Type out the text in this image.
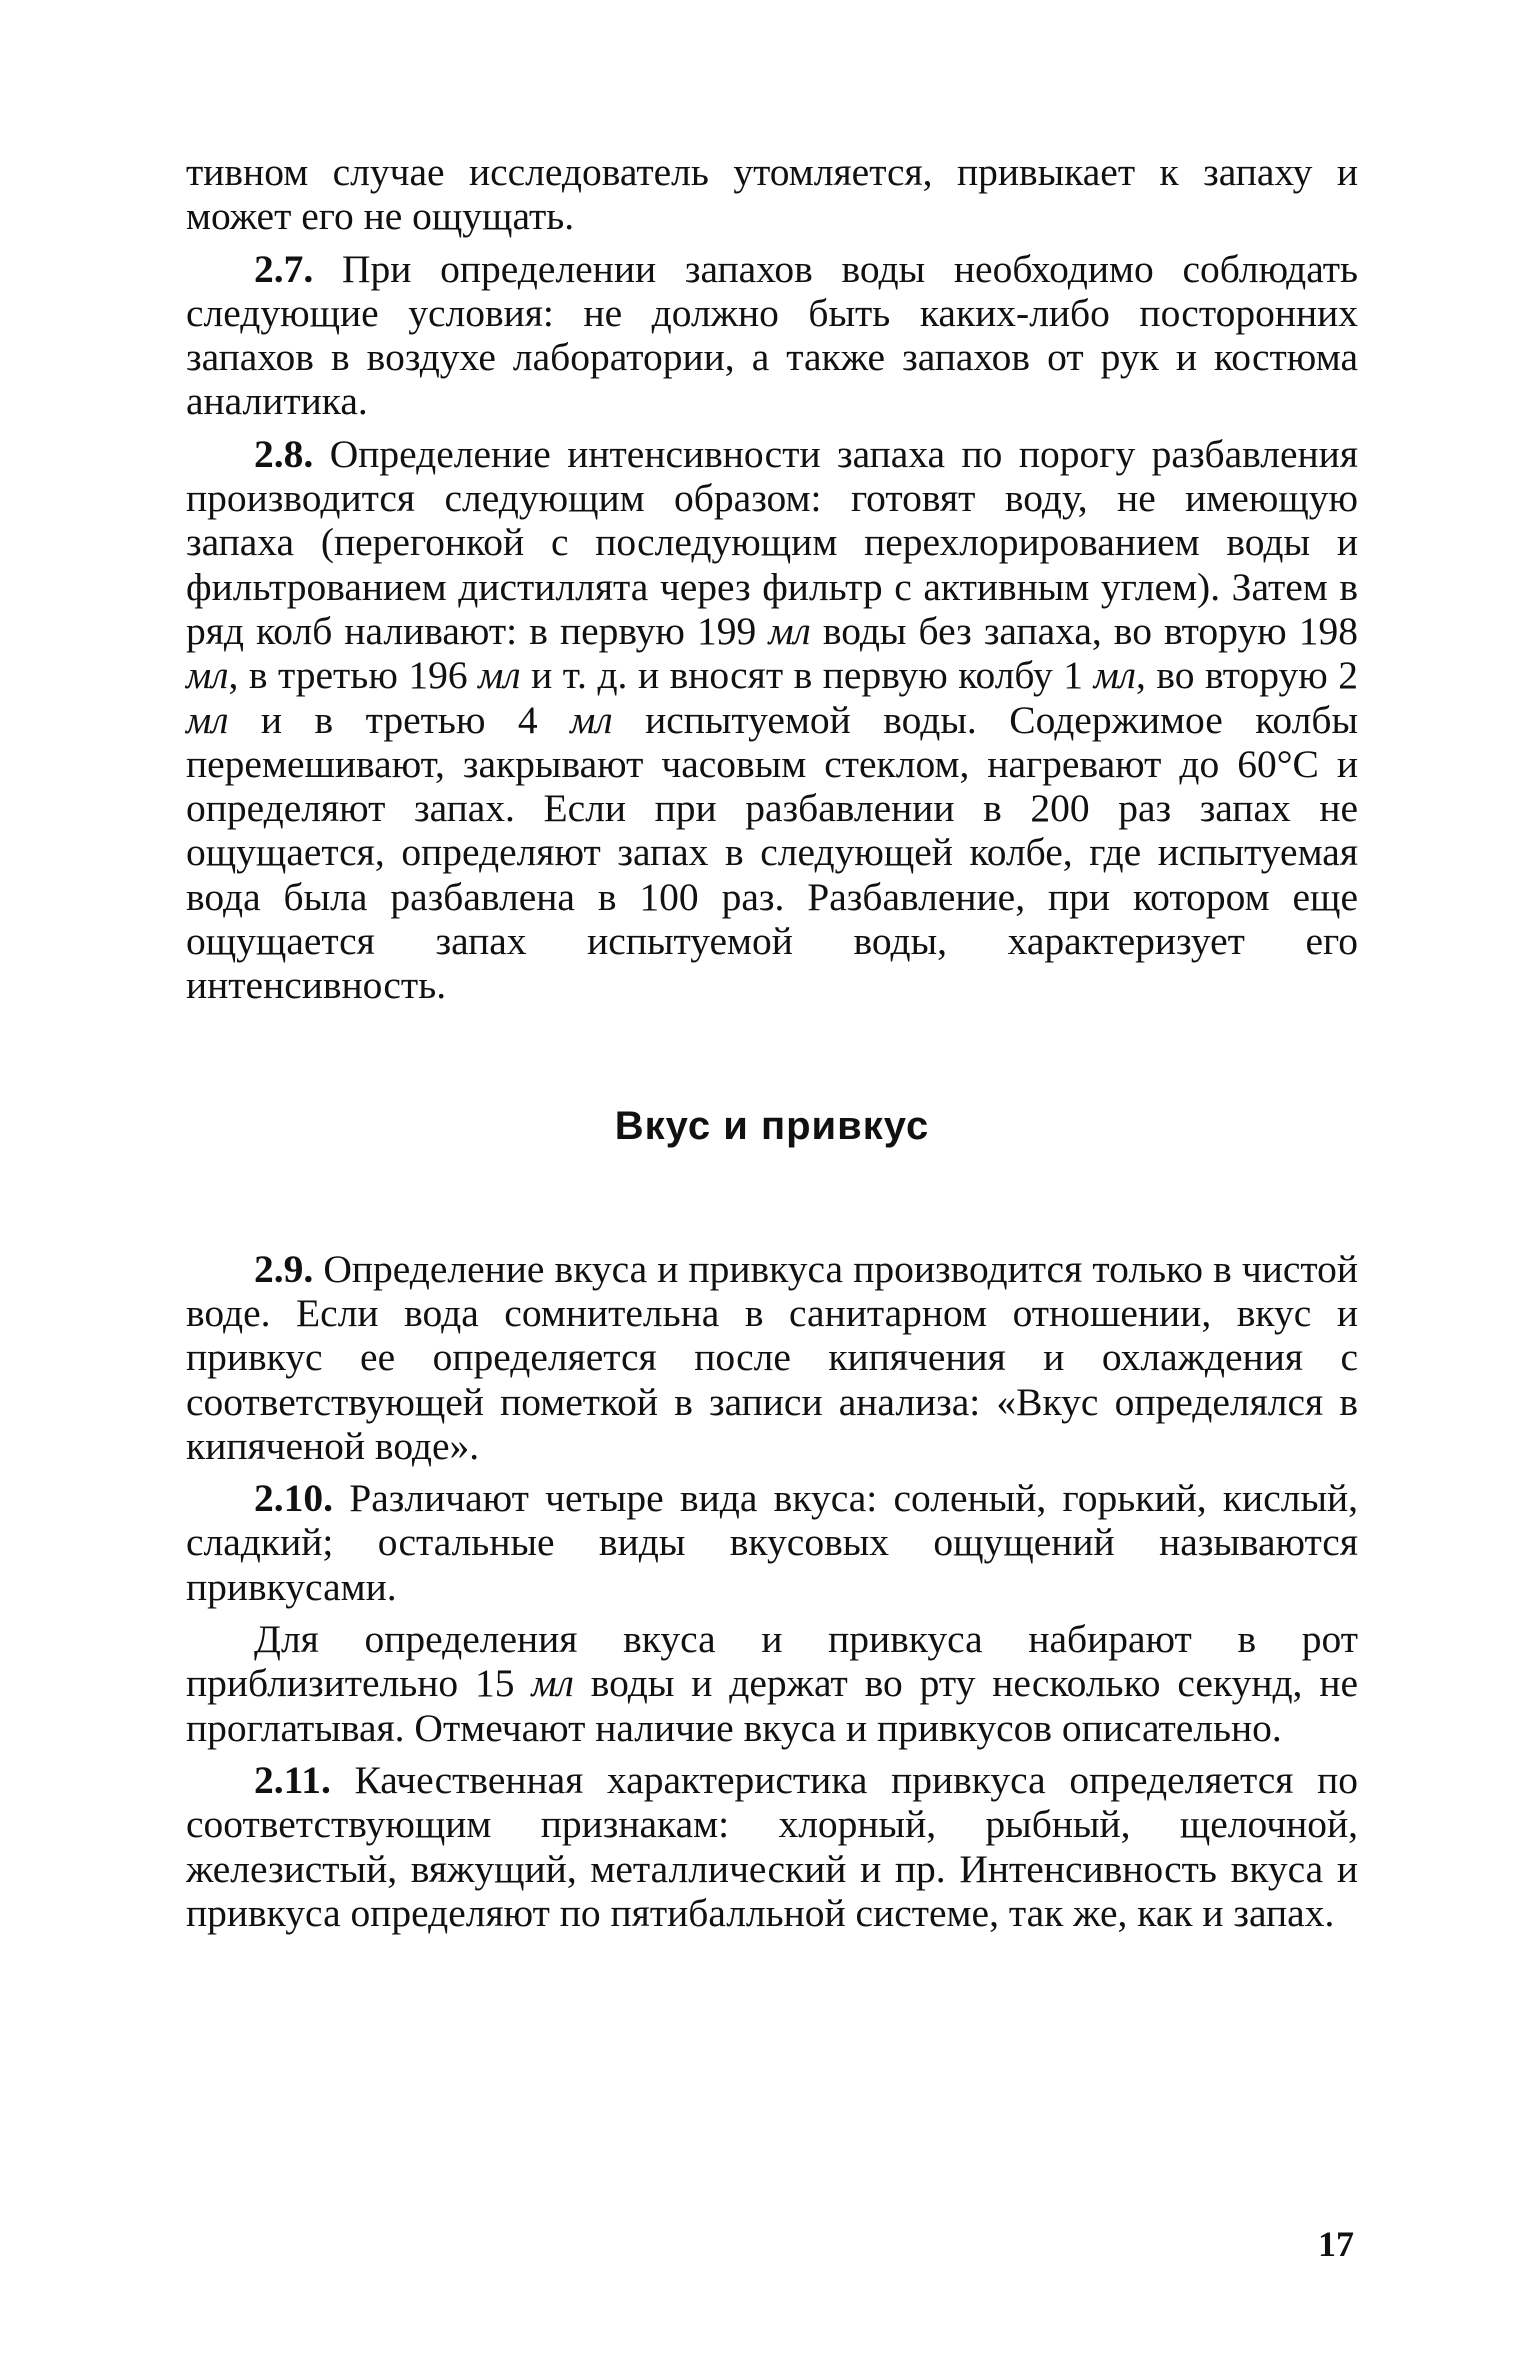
тивном случае исследователь утомляется, привыкает к запаху и может его не ощущать.

2.7. При определении запахов воды необходимо соблюдать следующие условия: не должно быть каких-либо посторонних запахов в воздухе лаборатории, а также запахов от рук и костюма аналитика.

2.8. Определение интенсивности запаха по порогу разбавления производится следующим образом: готовят воду, не имеющую запаха (перегонкой с последующим перехлорированием воды и фильтрованием дистиллята через фильтр с активным углем). Затем в ряд колб наливают: в первую 199 мл воды без запаха, во вторую 198 мл, в третью 196 мл и т. д. и вносят в первую колбу 1 мл, во вторую 2 мл и в третью 4 мл испытуемой воды. Содержимое колбы перемешивают, закрывают часовым стеклом, нагревают до 60°С и определяют запах. Если при разбавлении в 200 раз запах не ощущается, определяют запах в следующей колбе, где испытуемая вода была разбавлена в 100 раз. Разбавление, при котором еще ощущается запах испытуемой воды, характеризует его интенсивность.

Вкус и привкус

2.9. Определение вкуса и привкуса производится только в чистой воде. Если вода сомнительна в санитарном отношении, вкус и привкус ее определяется после кипячения и охлаждения с соответствующей пометкой в записи анализа: «Вкус определялся в кипяченой воде».

2.10. Различают четыре вида вкуса: соленый, горький, кислый, сладкий; остальные виды вкусовых ощущений называются привкусами.

Для определения вкуса и привкуса набирают в рот приблизительно 15 мл воды и держат во рту несколько секунд, не проглатывая. Отмечают наличие вкуса и привкусов описательно.

2.11. Качественная характеристика привкуса определяется по соответствующим признакам: хлорный, рыбный, щелочной, железистый, вяжущий, металлический и пр. Интенсивность вкуса и привкуса определяют по пятибалльной системе, так же, как и запах.

17
